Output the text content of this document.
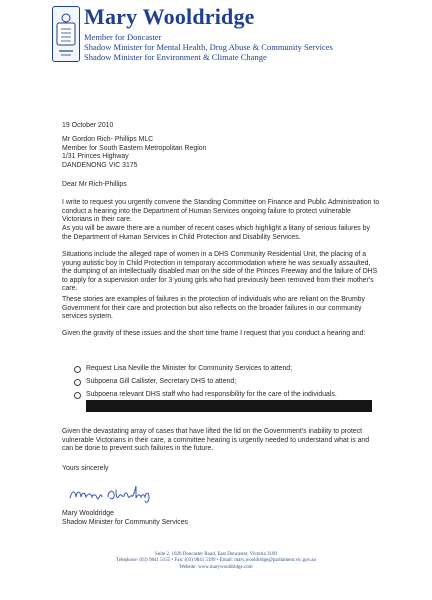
Mary Wooldridge
Member for Doncaster
Shadow Minister for Mental Health, Drug Abuse & Community Services
Shadow Minister for Environment & Climate Change
19 October 2010
Mr Gordon Rich- Phillips MLC
Member for South Eastern Metropolitan Region
1/31 Princes Highway
DANDENONG VIC 3175
Dear Mr Rich-Phillips
I write to request you urgently convene the Standing Committee on Finance and Public Administration to conduct a hearing into the Department of Human Services ongoing failure to protect vulnerable Victorians in their care.
As you will be aware there are a number of recent cases which highlight a litany of serious failures by the Department of Human Services in Child Protection and Disability Services.
Situations include the alleged rape of women in a DHS Community Residential Unit, the placing of a young autistic boy in Child Protection in temporary accommodation where he was sexually assaulted, the dumping of an intellectually disabled man on the side of the Princes Freeway and the failure of DHS to apply for a supervision order for 3 young girls who had previously been removed from their mother's care.
These stories are examples of failures in the protection of individuals who are reliant on the Brumby Government for their care and protection but also reflects on the broader failures in our community services system.
Given the gravity of these issues and the short time frame I request that you conduct a hearing and:
Request Lisa Neville the Minister for Community Services to attend;
Subpoena Gill Callister, Secretary DHS to attend;
Subpoena relevant DHS staff who had responsibility for the care of the individuals.
Given the devastating array of cases that have lifted the lid on the Government's inability to protect vulnerable Victorians in their care, a committee hearing is urgently needed to understand what is and can be done to prevent such failures in the future.
Yours sincerely
Mary Wooldridge
Shadow Minister for Community Services
Suite 2, 1020 Doncaster Road, East Doncaster, Victoria 3109
Telephone: (03) 9841 5155 • Fax: (03) 9841 5399 • Email: mary.wooldridge@parliament.vic.gov.au
Website: www.marywooldridge.com
